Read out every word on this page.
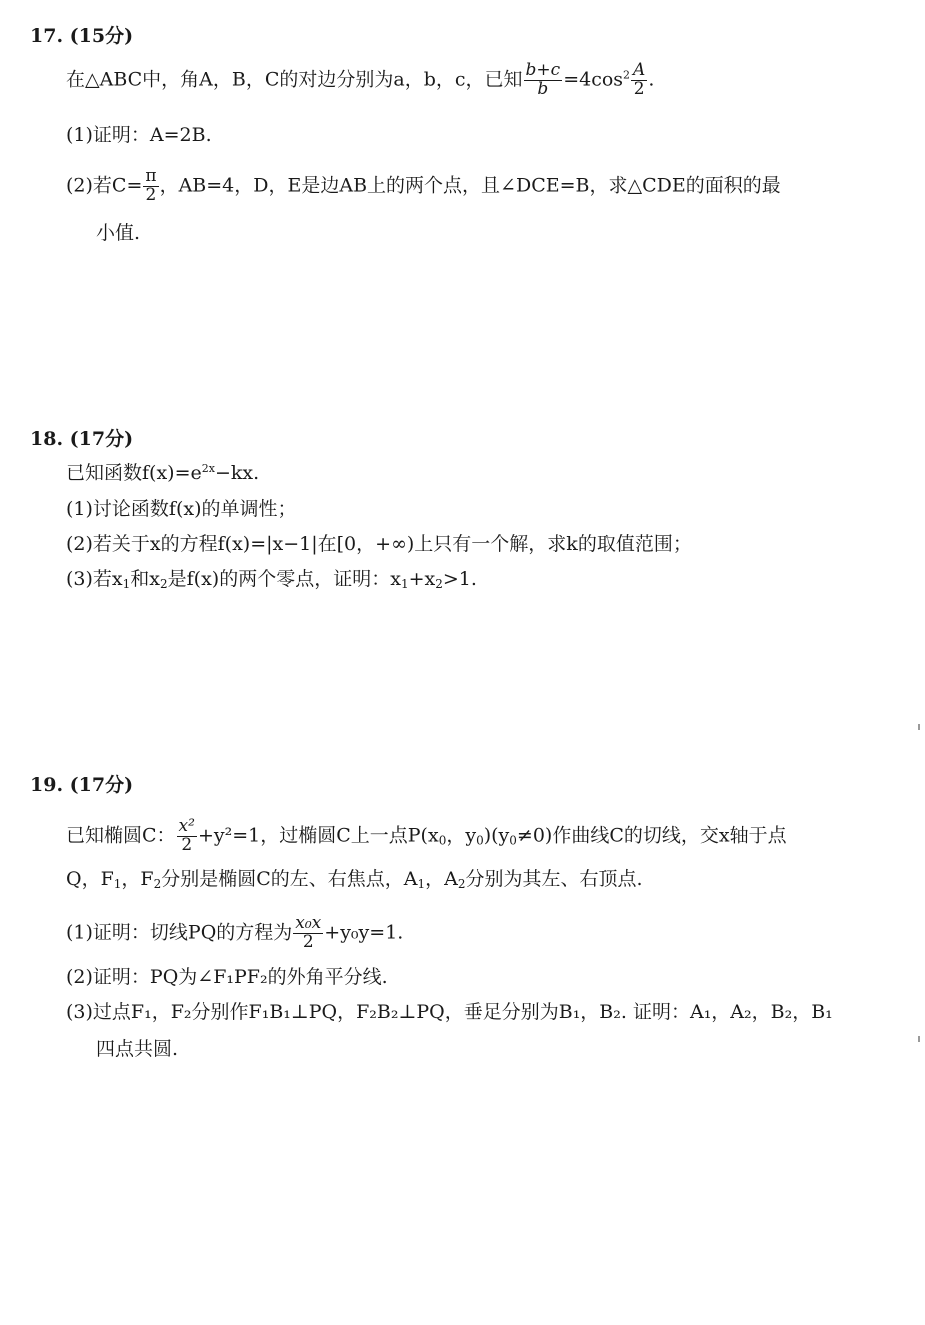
17. (15分)
在△ABC中，角A，B，C的对边分别为a，b，c，已知 $\frac{b+c}{b} =4\cos^2 \frac{A}{2}$ .
(1)证明：A=2B.
(2)若$C= \frac{\pi}{2}$ ，AB=4，D，E是边AB上的两个点，且∠DCE=B，求△CDE的面积的最
小值.
18. (17分)
已知函数$f(x)=e^{2x}-kx$.
(1)讨论函数f(x)的单调性；
(2)若关于x的方程f(x)=|x−1|在[0，+∞)上只有一个解，求k的取值范围；
(3)若$x_1$和$x_2$是f(x)的两个零点，证明：$x_1+x_2>1$.
19. (17分)
已知椭圆C： $\frac{\text{x²}}{2} +y^2=1$，过椭圆C上一点$P(x_0$，$y_0)(y_0\ne 0)$作曲线C的切线，交x轴于点
Q，$F_1$，$F_2$分别是椭圆C的左、右焦点，$A_1$，$A_2$分别为其左、右顶点.
(1)证明：切线PQ的方程为 $\frac{\text{x₀x}}{2} +y_0y=1$.
(2)证明：PQ为∠F₁PF₂的外角平分线.
(3)过点F₁，F₂分别作F₁B₁⊥PQ，F₂B₂⊥PQ，垂足分别为B₁，B₂. 证明：A₁，A₂，B₂，B₁
四点共圆.
